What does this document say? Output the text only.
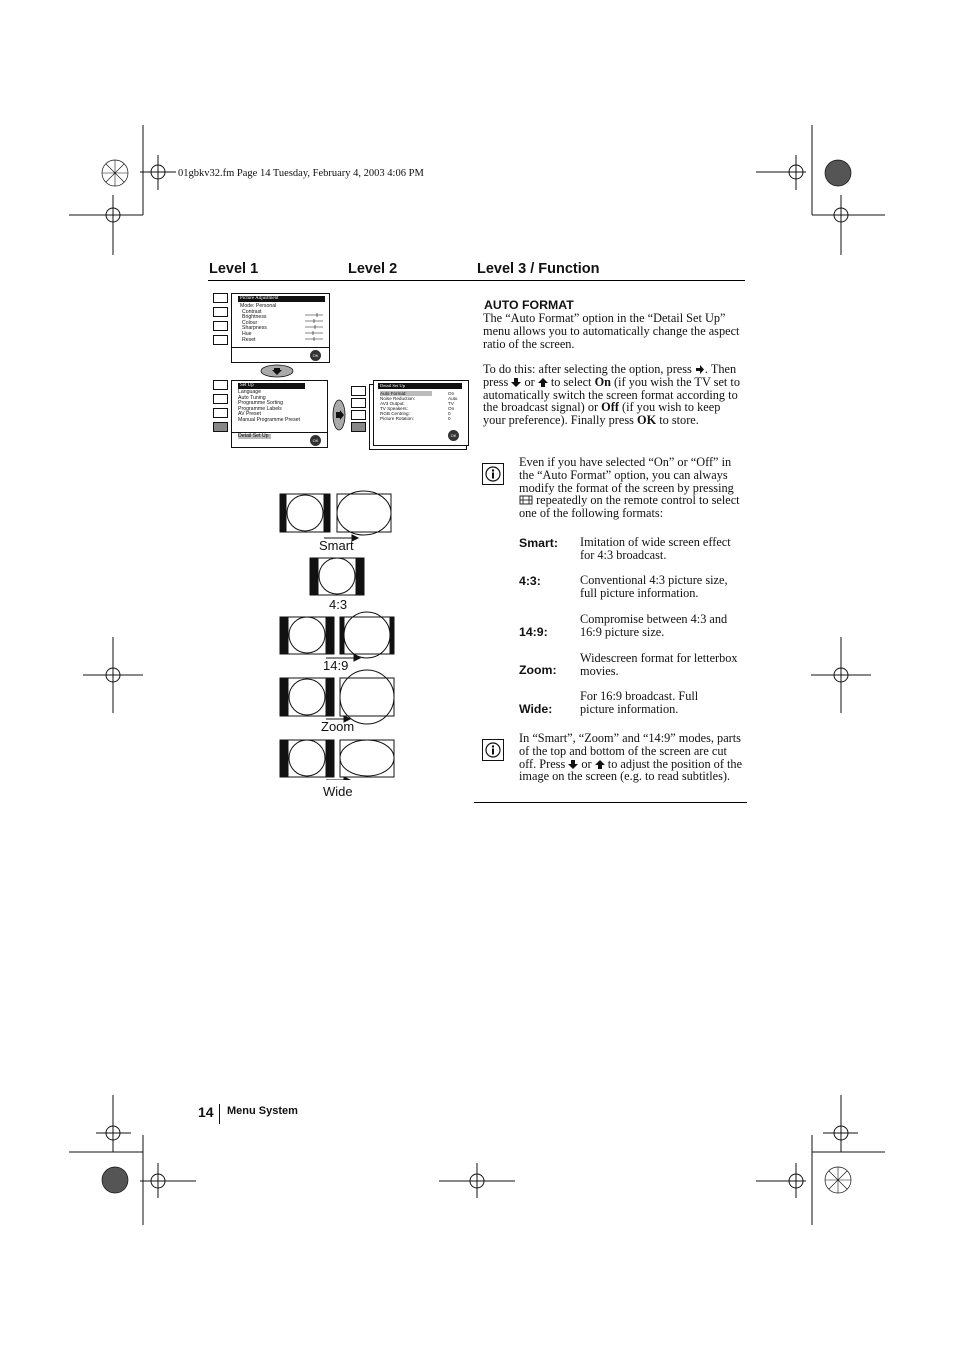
01gbkv32.fm Page 14 Tuesday, February 4, 2003 4:06 PM
Level 1	Level 2	Level 3 / Function
Picture Adjustment
Mode: Personal
Contrast
Brightness
Colour
Sharpness
Hue
Reset
OK
Set Up
Language
Auto Tuning
Programme Sorting
Programme Labels
AV Preset
Manual Programme Preset
Detail Set Up
OK
Detail Set Up
Auto Format:
Noise Reduction:
AV3 Output:
TV Speakers:
RGB Centring:
Picture Rotation:
On
Auto
TV
On
0
0
OK
Smart
4:3
14:9
Zoom
Wide
AUTO FORMAT
The “Auto Format” option in the “Detail Set Up” menu allows you to automatically change the aspect ratio of the screen.
To do this: after selecting the option, press . Then press or to select On (if you wish the TV set to automatically switch the screen format according to the broadcast signal) or Off (if you wish to keep your preference). Finally press OK to store.
Even if you have selected “On” or “Off” in the “Auto Format” option, you can always modify the format of the screen by pressing  repeatedly on the remote control to select one of the following formats:
Smart: Imitation of wide screen effect for 4:3 broadcast.
4:3:	Conventional 4:3 picture size, full picture information.
14:9:
Compromise between 4:3 and 16:9 picture size.
Zoom:
Widescreen format for letterbox movies.
Wide:
For 16:9 broadcast. Full picture information.
In “Smart”, “Zoom” and “14:9” modes, parts of the top and bottom of the screen are cut off. Press or to adjust the position of the image on the screen (e.g. to read subtitles).
14 Menu System
